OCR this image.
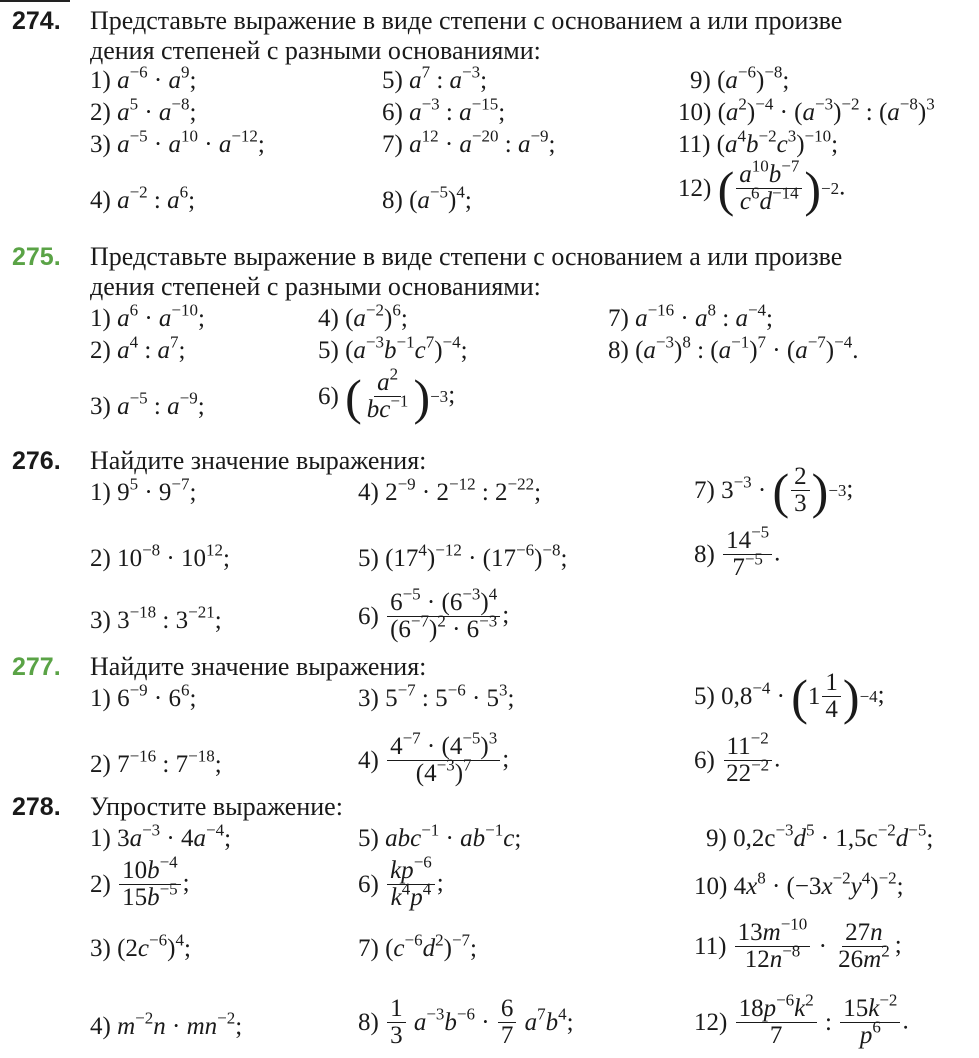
274. Представьте выражение в виде степени с основанием a или произве
дения степеней с разными основаниями:
1) $a^{-6} \cdot a^9$;	5) $a^7$ : $a^{-3}$;	9) $(a^{-6})^{-8}$;
2) $a^5 \cdot a^{-8}$;	6) $a^{-3}$ : $a^{-15}$;	10) $(a^2)^{-4} \cdot (a^{-3})^{-2}$ : $(a^{-8})^3$
3) $a^{-5} \cdot a^{10} \cdot a^{-12}$;	7) $a^{12} \cdot a^{-20}$ : $a^{-9}$;	11) $(a^4b^{-2}c^3)^{-10}$;
4) $a^{-2}$ : $a^6$;	8) $(a^{-5})^4$;	12) ( $\frac{a^{10}b^{-7}}{c^6d^{-14}}$ ) −2 .
275. Представьте выражение в виде степени с основанием a или произве
дения степеней с разными основаниями:
1) $a^6 \cdot a^{-10}$;	4) $(a^{-2})^6$;	7) $a^{-16} \cdot a^8$ : $a^{-4}$;
2) $a^4$ : $a^7$;	5) $(a^{-3}b^{-1}c^7)^{-4}$;	8) $(a^{-3})^8$ : $(a^{-1})^7 \cdot (a^{-7})^{-4}$.
3) $a^{-5}$ : $a^{-9}$;	6) ( $\frac{a^2}{bc^{-1}}$ ) −3 ;
276. Найдите значение выражения:
1) $9^5 \cdot 9^{-7}$;	4) $2^{-9} \cdot 2^{-12}$ : $2^{-22}$;	7) $3^{-3}$ · ( $\frac{2}{3}$ ) −3 ;
2) $10^{-8} \cdot 10^{12}$;	5) $(17^4)^{-12} \cdot (17^{-6})^{-8}$;	$8) \frac{14^{-5}}{7^{-5}}$ .
3) $3^{-18}$ : $3^{-21}$;	$6) \frac{6^{-5} \cdot (6^{-3})^4}{(6^{-7})^2 \cdot 6^{-3}}$ ;
277. Найдите значение выражения:
1) $6^{-9} \cdot 6^6$;	3) $5^{-7}$ : $5^{-6} \cdot 5^3$;	5) $0,8^{-4}$ · ( $1 \frac{1}{4}$ ) −4 ;
2) $7^{-16}$ : $7^{-18}$;	$4) \frac{4^{-7} \cdot (4^{-5})^3}{(4^{-3})^7}$ ;	$6) \frac{11^{-2}}{22^{-2}}$ .
278. Упростите выражение:
1) $3a^{-3} \cdot 4a^{-4}$;	5) $abc^{-1} \cdot ab^{-1}c$;	9) $0,2c^{-3}d^5 \cdot 1,5c^{-2}d^{-5}$;
$2) \frac{10b^{-4}}{15b^{-5}}$ ;	$6) \frac{kp^{-6}}{k^4p^4}$ ;	10) $4x^8 \cdot (-3x^{-2}y^4)^{-2}$;
3) $(2c^{-6})^4$;	7) $(c^{-6}d^2)^{-7}$;	$11) \frac{13m^{-10}}{12n^{-8}} \cdot \frac{27n}{26m^2}$ ;
4) $m^{-2}n \cdot mn^{-2}$;	$8) \frac{1}{3} a^{-3}b^{-6} \cdot \frac{6}{7} a^7b^4$;	$12) \frac{18p^{-6}k^2}{7}$ : $\frac{15k^{-2}}{p^6}$ .
